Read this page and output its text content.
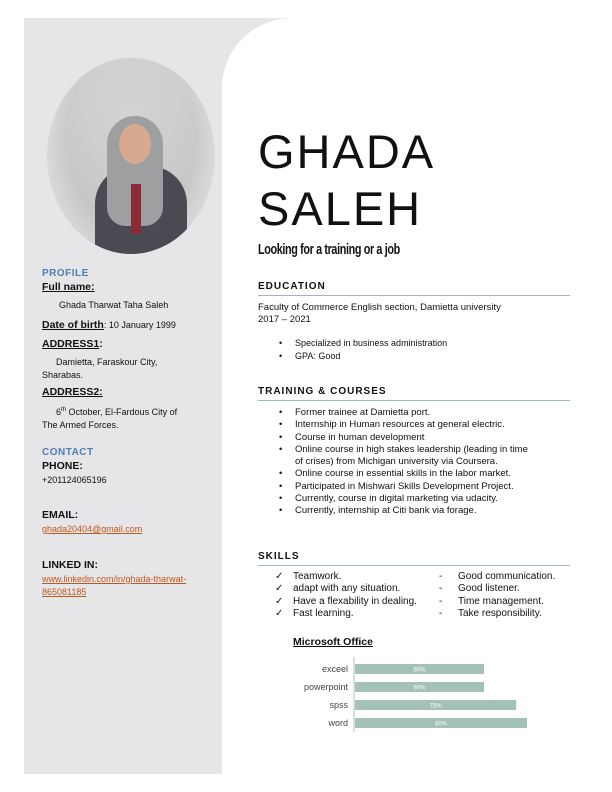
PROFILE
Full name:
Ghada Tharwat Taha Saleh
Date of birth: 10 January 1999
ADDRESS1:
Damietta, Faraskour City,
Sharabas.
ADDRESS2:
6th October, El-Fardous City of
The Armed Forces.
CONTACT
PHONE:
+201124065196
EMAIL:
ghada20404@gmail.com
LINKED IN:
www.linkedin.com/in/ghada-tharwat-
865081185
GHADA
SALEH
Looking for a training or a job
EDUCATION
Faculty of Commerce English section, Damietta university
2017 – 2021
• Specialized in business administration
• GPA: Good
TRAINING & COURSES
• Former trainee at Damietta port.
• Internship in Human resources at general electric.
• Course in human development
• Online course in high stakes leadership (leading in time
of crises) from Michigan university via Coursera.
• Online course in essential skills in the labor market.
• Participated in Mishwari Skills Development Project.
• Currently, course in digital marketing via udacity.
• Currently, internship at Citi bank via forage.
SKILLS
✓ Teamwork.	- Good communication.
✓ adapt with any situation.	- Good listener.
✓ Have a flexability in dealing. - Time management.
✓ Fast learning.	- Take responsibility.
Microsoft Office
exceel	60%
powerpoint	60%
spss	75%
word	80%
